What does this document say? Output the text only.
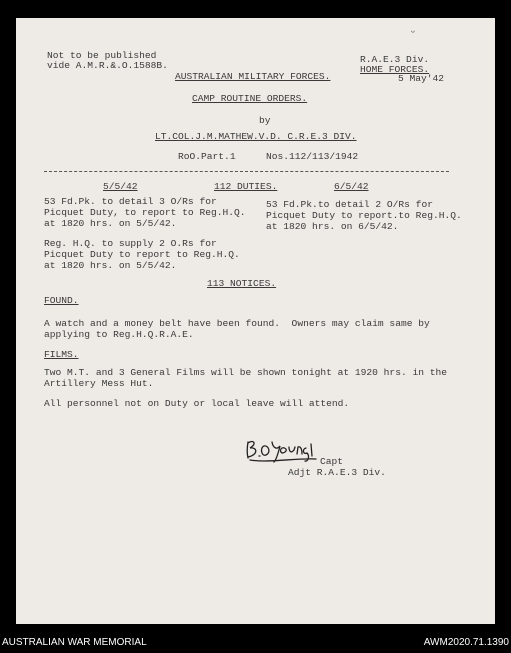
Not to be published
vide A.M.R.&.O.1588B.
ᵕ
R.A.E.3 Div.
HOME FORCES.
5 May'42
AUSTRALIAN MILITARY FORCES.
CAMP ROUTINE ORDERS.
by
LT.COL.J.M.MATHEW.V.D. C.R.E.3 DIV.
RoO.Part.1	Nos.112/113/1942
5/5/42	112 DUTIES.	6/5/42
53 Fd.Pk. to detail 3 O/Rs for
Picquet Duty, to report to Reg.H.Q.
at 1820 hrs. on 5/5/42.
53 Fd.Pk.to detail 2 O/Rs for
Picquet Duty to report.to Reg.H.Q.
at 1820 hrs. on 6/5/42.
Reg. H.Q. to supply 2 O.Rs for
Picquet Duty to report to Reg.H.Q.
at 1820 hrs. on 5/5/42.
113 NOTICES.
FOUND.
A watch and a money belt have been found.  Owners may claim same by
applying to Reg.H.Q.R.A.E.
FILMS.
Two M.T. and 3 General Films will be shown tonight at 1920 hrs. in the
Artillery Mess Hut.
All personnel not on Duty or local leave will attend.
Capt
Adjt R.A.E.3 Div.
AUSTRALIAN WAR MEMORIAL	AWM2020.71.1390
